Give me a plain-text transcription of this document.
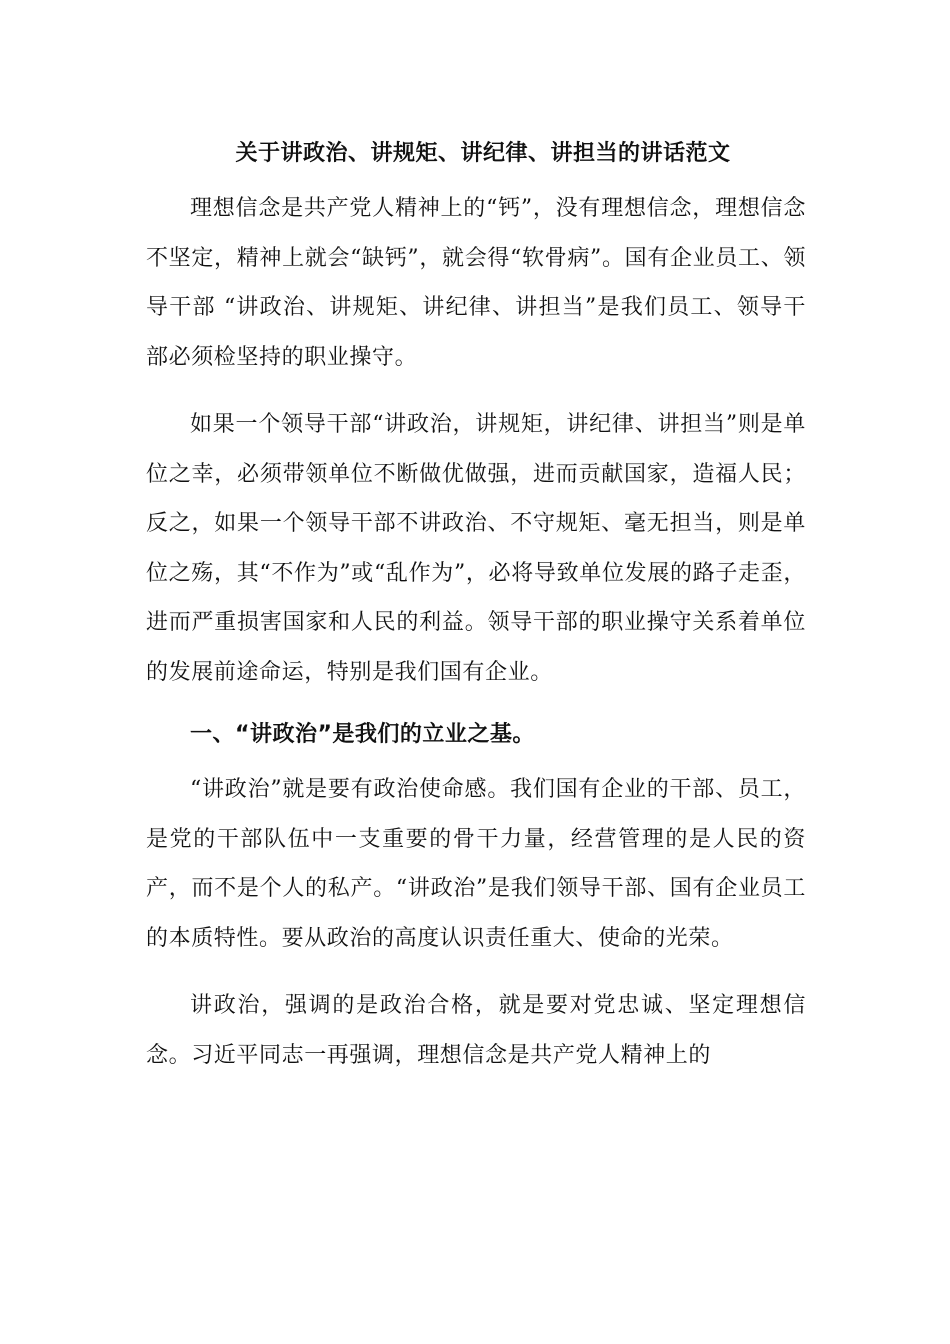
关于讲政治、讲规矩、讲纪律、讲担当的讲话范文

理想信念是共产党人精神上的“钙”，没有理想信念，理想信念不坚定，精神上就会“缺钙”，就会得“软骨病”。国有企业员工、领导干部 “讲政治、讲规矩、讲纪律、讲担当”是我们员工、领导干部必须检坚持的职业操守。

如果一个领导干部“讲政治，讲规矩，讲纪律、讲担当”则是单位之幸，必须带领单位不断做优做强，进而贡献国家，造福人民；反之，如果一个领导干部不讲政治、不守规矩、毫无担当，则是单位之殇，其“不作为”或“乱作为”，必将导致单位发展的路子走歪，进而严重损害国家和人民的利益。领导干部的职业操守关系着单位的发展前途命运，特别是我们国有企业。

一、“讲政治”是我们的立业之基。

“讲政治”就是要有政治使命感。我们国有企业的干部、员工，是党的干部队伍中一支重要的骨干力量，经营管理的是人民的资产，而不是个人的私产。“讲政治”是我们领导干部、国有企业员工的本质特性。要从政治的高度认识责任重大、使命的光荣。

讲政治，强调的是政治合格，就是要对党忠诚、坚定理想信念。习近平同志一再强调，理想信念是共产党人精神上的
